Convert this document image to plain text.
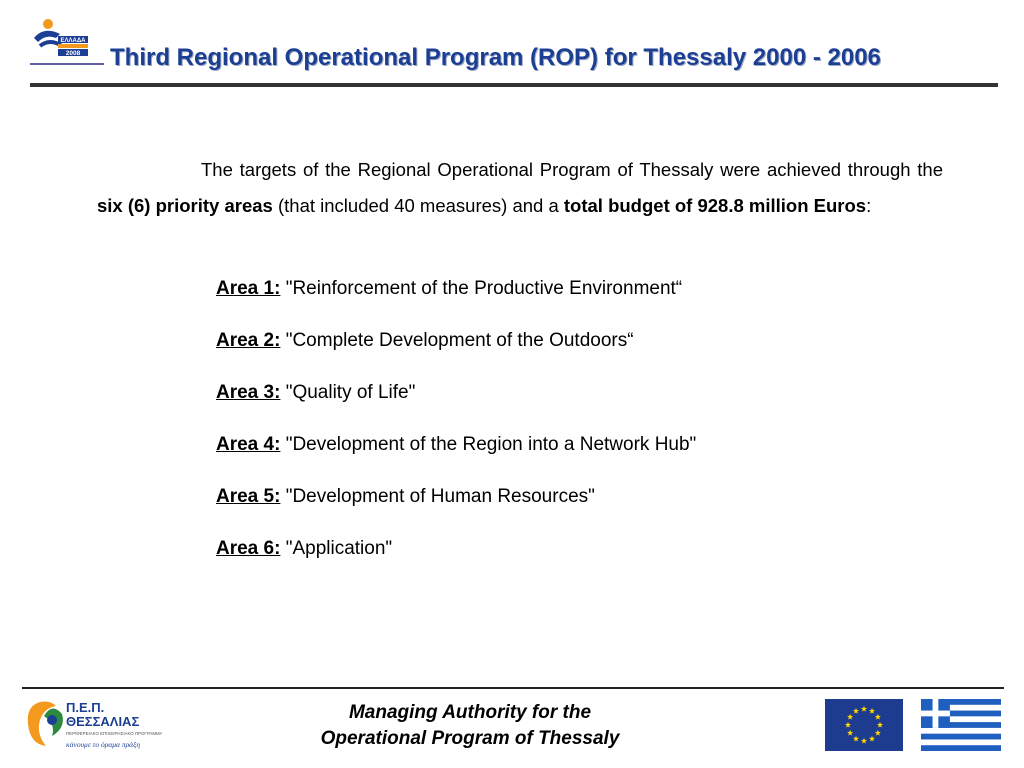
ΕΛΛΑΔΑ
2008 Third Regional Operational Program (ROP) for Thessaly 2000 - 2006

The targets of the Regional Operational Program of Thessaly were achieved through the six (6) priority areas (that included 40 measures) and a total budget of 928.8 million Euros:

Area 1: "Reinforcement of the Productive Environment“
Area 2: "Complete Development of the Outdoors“
Area 3: "Quality of Life"
Area 4: "Development of the Region into a Network Hub"
Area 5: "Development of Human Resources"
Area 6: "Application"
Π.Ε.Π.
ΘΕΣΣΑΛΙΑΣ
ΠΕΡΙΦΕΡΕΙΑΚΟ ΕΠΙΧΕΙΡΗΣΙΑΚΟ ΠΡΟΓΡΑΜΜΑ
κάνουμε το όραμα πράξη
Managing Authority for the
Operational Program of Thessaly
